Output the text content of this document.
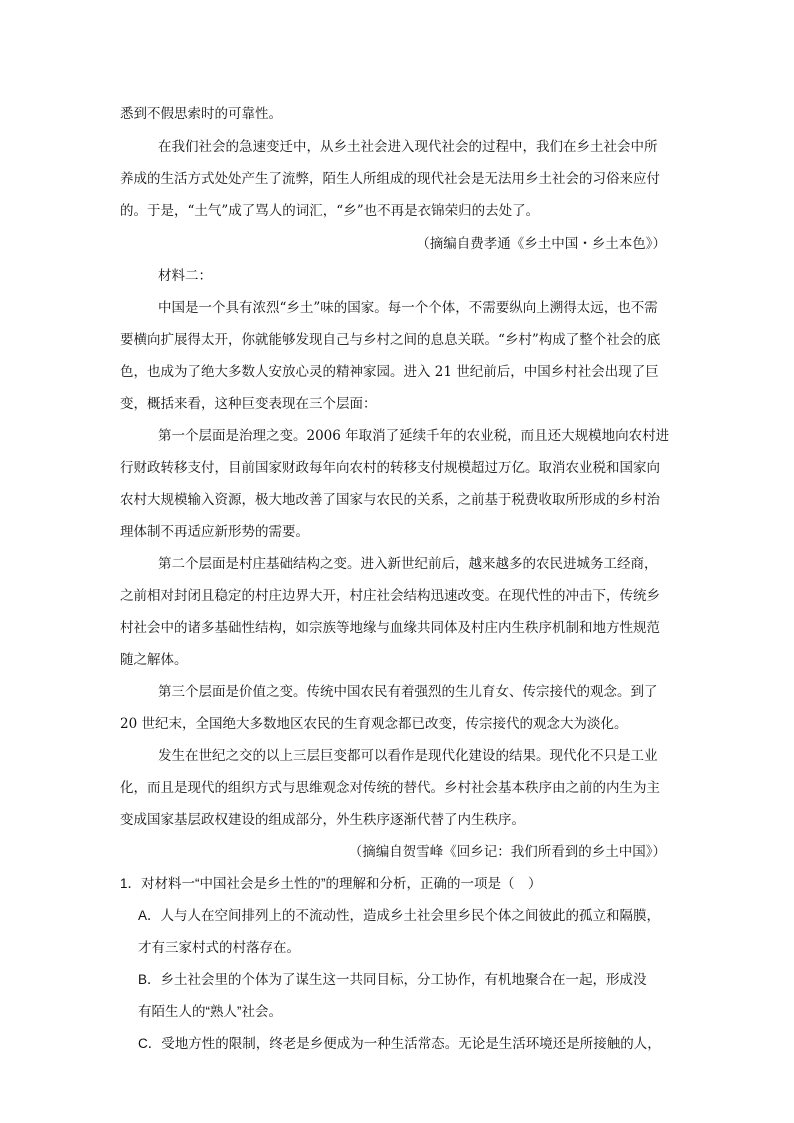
悉到不假思索时的可靠性。
在我们社会的急速变迁中，从乡土社会进入现代社会的过程中，我们在乡土社会中所
养成的生活方式处处产生了流弊，陌生人所组成的现代社会是无法用乡土社会的习俗来应付
的。于是，“土气”成了骂人的词汇，“乡”也不再是衣锦荣归的去处了。
（摘编自费孝通《乡土中国・乡土本色》）
材料二：
中国是一个具有浓烈“乡土”味的国家。每一个个体，不需要纵向上溯得太远，也不需
要横向扩展得太开，你就能够发现自己与乡村之间的息息关联。“乡村”构成了整个社会的底
色，也成为了绝大多数人安放心灵的精神家园。进入 21 世纪前后，中国乡村社会出现了巨
变，概括来看，这种巨变表现在三个层面：
第一个层面是治理之变。2006 年取消了延续千年的农业税，而且还大规模地向农村进
行财政转移支付，目前国家财政每年向农村的转移支付规模超过万亿。取消农业税和国家向
农村大规模输入资源，极大地改善了国家与农民的关系，之前基于税费收取所形成的乡村治
理体制不再适应新形势的需要。
第二个层面是村庄基础结构之变。进入新世纪前后，越来越多的农民进城务工经商，
之前相对封闭且稳定的村庄边界大开，村庄社会结构迅速改变。在现代性的冲击下，传统乡
村社会中的诸多基础性结构，如宗族等地缘与血缘共同体及村庄内生秩序机制和地方性规范
随之解体。
第三个层面是价值之变。传统中国农民有着强烈的生儿育女、传宗接代的观念。到了
20 世纪末，全国绝大多数地区农民的生育观念都已改变，传宗接代的观念大为淡化。
发生在世纪之交的以上三层巨变都可以看作是现代化建设的结果。现代化不只是工业
化，而且是现代的组织方式与思维观念对传统的替代。乡村社会基本秩序由之前的内生为主
变成国家基层政权建设的组成部分，外生秩序逐渐代替了内生秩序。
（摘编自贺雪峰《回乡记：我们所看到的乡土中国》）
1．对材料一“中国社会是乡土性的”的理解和分析，正确的一项是（　）
A．人与人在空间排列上的不流动性，造成乡土社会里乡民个体之间彼此的孤立和隔膜，
才有三家村式的村落存在。
B．乡土社会里的个体为了谋生这一共同目标，分工协作，有机地聚合在一起，形成没
有陌生人的“熟人”社会。
C．受地方性的限制，终老是乡便成为一种生活常态。无论是生活环境还是所接触的人，
